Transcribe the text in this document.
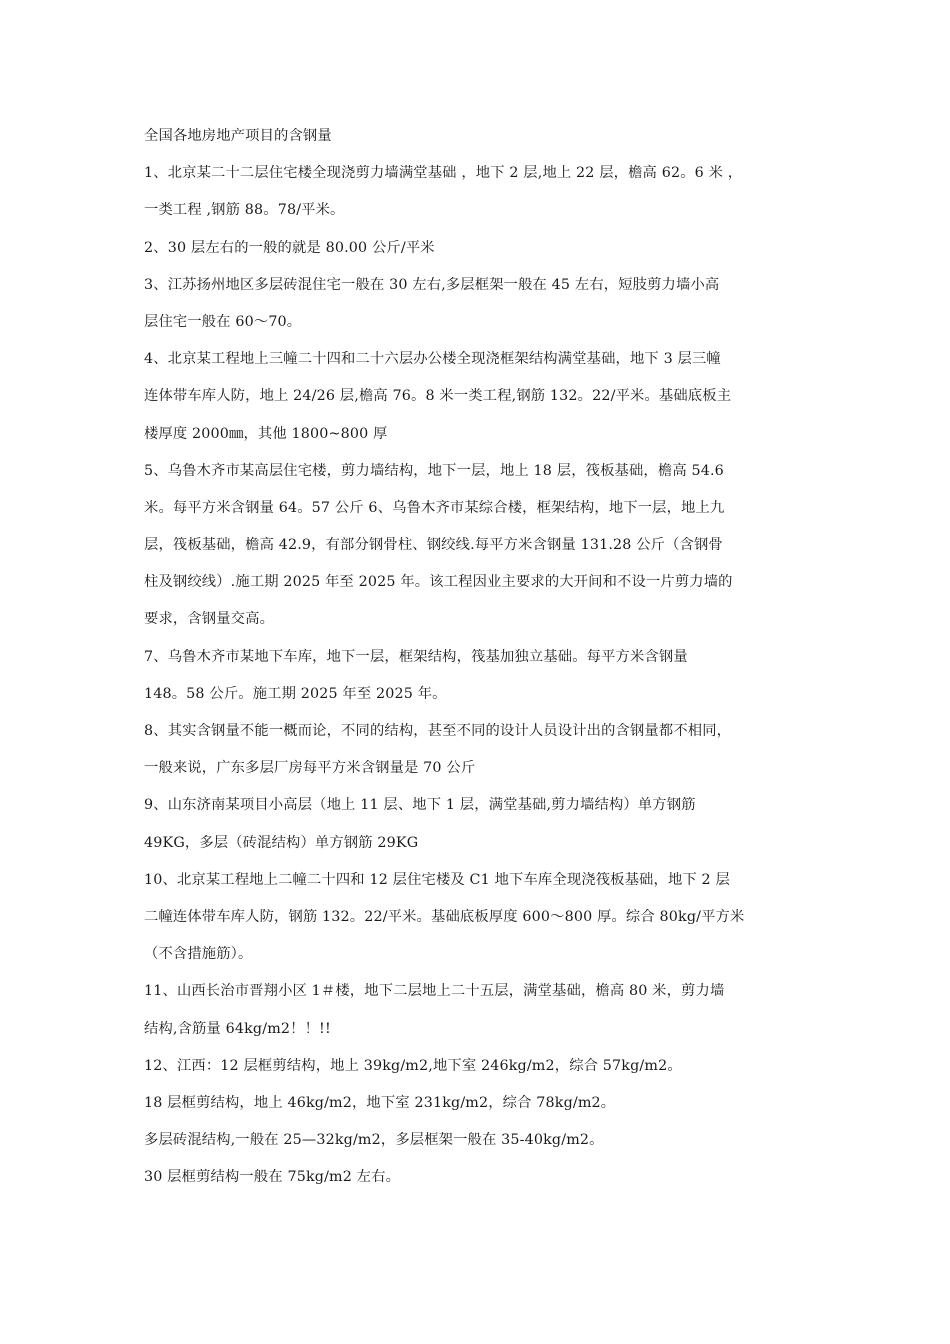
全国各地房地产项目的含钢量
1、北京某二十二层住宅楼全现浇剪力墙满堂基础 ，地下 2 层,地上 22 层，檐高 62。6 米 ，
一类工程 ,钢筋 88。78/平米。
2、30 层左右的一般的就是 80.00 公斤/平米
3、江苏扬州地区多层砖混住宅一般在 30 左右,多层框架一般在 45 左右，短肢剪力墙小高
层住宅一般在 60～70。
4、北京某工程地上三幢二十四和二十六层办公楼全现浇框架结构满堂基础，地下 3 层三幢
连体带车库人防，地上 24/26 层,檐高 76。8 米一类工程,钢筋 132。22/平米。基础底板主
楼厚度 2000㎜，其他 1800~800 厚
5、乌鲁木齐市某高层住宅楼，剪力墙结构，地下一层，地上 18 层，筏板基础，檐高 54.6
米。每平方米含钢量 64。57 公斤 6、乌鲁木齐市某综合楼，框架结构，地下一层，地上九
层，筏板基础，檐高 42.9，有部分钢骨柱、钢绞线.每平方米含钢量 131.28 公斤（含钢骨
柱及钢绞线）.施工期 2025 年至 2025 年。该工程因业主要求的大开间和不设一片剪力墙的
要求，含钢量交高。
7、乌鲁木齐市某地下车库，地下一层，框架结构，筏基加独立基础。每平方米含钢量
148。58 公斤。施工期 2025 年至 2025 年。
8、其实含钢量不能一概而论，不同的结构，甚至不同的设计人员设计出的含钢量都不相同，
一般来说，广东多层厂房每平方米含钢量是 70 公斤
9、山东济南某项目小高层（地上 11 层、地下 1 层，满堂基础,剪力墙结构）单方钢筋
49KG，多层（砖混结构）单方钢筋 29KG
10、北京某工程地上二幢二十四和 12 层住宅楼及 C1 地下车库全现浇筏板基础，地下 2 层
二幢连体带车库人防，钢筋 132。22/平米。基础底板厚度 600～800 厚。综合 80kg/平方米
（不含措施筋）。
11、山西长治市晋翔小区 1＃楼，地下二层地上二十五层，满堂基础，檐高 80 米，剪力墙
结构,含筋量 64kg/m2！！!!
12、江西：12 层框剪结构，地上 39kg/m2,地下室 246kg/m2，综合 57kg/m2。
18 层框剪结构，地上 46kg/m2，地下室 231kg/m2，综合 78kg/m2。
多层砖混结构,一般在 25—32kg/m2，多层框架一般在 35-40kg/m2。
30 层框剪结构一般在 75kg/m2 左右。
